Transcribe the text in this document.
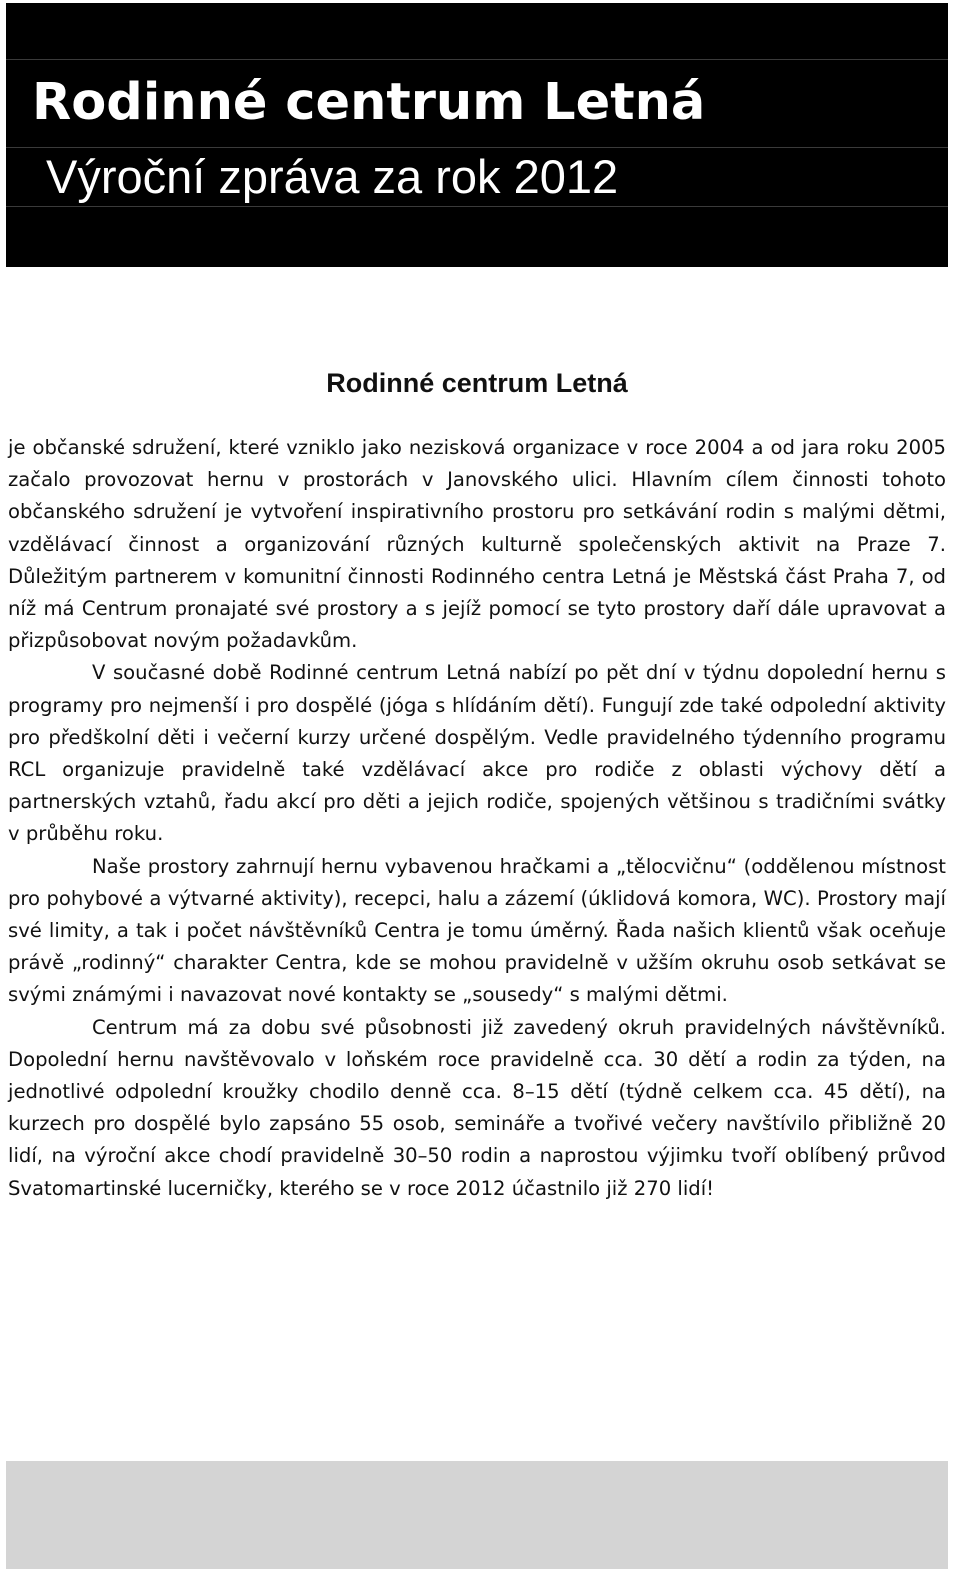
Rodinné centrum Letná
Výroční zpráva za rok 2012
Rodinné centrum Letná

je občanské sdružení, které vzniklo jako nezisková organizace v roce 2004 a od jara roku 2005 začalo provozovat hernu v prostorách v Janovského ulici. Hlavním cílem činnosti tohoto občanského sdružení je vytvoření inspirativního prostoru pro setkávání rodin s malými dětmi, vzdělávací činnost a organizování různých kulturně společenských aktivit na Praze 7. Důležitým partnerem v komunitní činnosti Rodinného centra Letná je Městská část Praha 7, od níž má Centrum pronajaté své prostory a s jejíž pomocí se tyto prostory daří dále upravovat a přizpůsobovat novým požadavkům.

V současné době Rodinné centrum Letná nabízí po pět dní v týdnu dopolední hernu s programy pro nejmenší i pro dospělé (jóga s hlídáním dětí). Fungují zde také odpolední aktivity pro předškolní děti i večerní kurzy určené dospělým. Vedle pravidelného týdenního programu RCL organizuje pravidelně také vzdělávací akce pro rodiče z oblasti výchovy dětí a partnerských vztahů, řadu akcí pro děti a jejich rodiče, spojených většinou s tradičními svátky v průběhu roku.

Naše prostory zahrnují hernu vybavenou hračkami a „tělocvičnu“ (oddělenou místnost pro pohybové a výtvarné aktivity), recepci, halu a zázemí (úklidová komora, WC). Prostory mají své limity, a tak i počet návštěvníků Centra je tomu úměrný. Řada našich klientů však oceňuje právě „rodinný“ charakter Centra, kde se mohou pravidelně v užším okruhu osob setkávat se svými známými i navazovat nové kontakty se „sousedy“ s malými dětmi.

Centrum má za dobu své působnosti již zavedený okruh pravidelných návštěvníků. Dopolední hernu navštěvovalo v loňském roce pravidelně cca. 30 dětí a rodin za týden, na jednotlivé odpolední kroužky chodilo denně cca. 8–15 dětí (týdně celkem cca. 45 dětí), na kurzech pro dospělé bylo zapsáno 55 osob, semináře a tvořivé večery navštívilo přibližně 20 lidí, na výroční akce chodí pravidelně 30–50 rodin a naprostou výjimku tvoří oblíbený průvod Svatomartinské lucerničky, kterého se v roce 2012 účastnilo již 270 lidí!
